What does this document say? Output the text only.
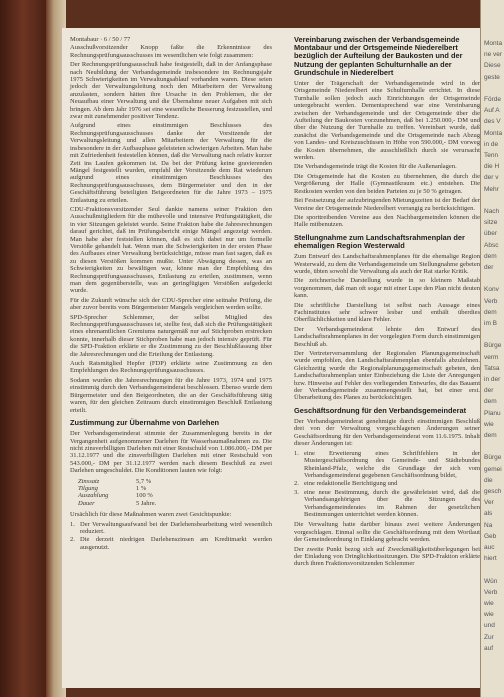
Montabaur · 6 / 50 / 77

Ausschußvorsitzender Knopp faßte die Erkenntnisse des Rechnungsprüfungsausschusses im wesentlichen wie folgt zusammen:

Der Rechnungsprüfungsausschuß habe festgestellt, daß in der Anfangsphase nach Neubildung der Verbandsgemeinde insbesondere im Rechnungsjahr 1975 Schwierigkeiten im Verwaltungsablauf vorhanden waren. Diese seien jedoch der Verwaltungsleitung noch den Mitarbeitern der Verwaltung anzulasten, sondern hätten ihre Ursache in den Problemen, die der Neuaufbau einer Verwaltung und die Übernahme neuer Aufgaben mit sich bringen. Ab dem Jahr 1976 sei eine wesentliche Besserung festzustellen, und zwar mit zunehmender positiver Tendenz.

Aufgrund eines einstimmigen Beschlusses des Rechnungsprüfungsausschusses danke der Vorsitzende der Verwaltungsleitung und allen Mitarbeitern der Verwaltung für die insbesondere in der Aufbauphase geleisteten schwierigen Arbeiten. Man habe mit Zufriedenheit festestellen können, daß die Verwaltung nach relativ kurzer Zeit ins Laufen gekommen ist. Da bei der Prüfung keine gravierenden Mängel festgestellt wurden, empfahl der Vorsitzende dem Rat wiederum aufgrund eines einstimmigen Beschlusses des Rechnungsprüfungsausschusses, dem Bürgermeister und den in der Geschäftsführung beteiligten Beigeordneten für die Jahre 1973 – 1975 Entlastung zu erteilen.

CDU-Fraktionsvorsitzender Seul dankte namens seiner Fraktion den Ausschußmitgliedern für die mühevolle und intensive Prüfungstätigkeit, die in vier Sitzungen geleistet wurde. Seine Fraktion habe die Jahresrechnungen darauf gerichtet, daß im Prüfungsbericht einige Mängel angezeigt werden. Man habe aber feststellen können, daß es sich dabei nur um formelle Verstöße gehandelt hat. Wenn man die Schwierigkeiten in der ersten Phase des Aufbaues einer Verwaltung berücksichtige, müsse man fast sagen, daß es zu diesen Verstößen kommen mußte. Unter Abwägung dessen, was an Schwierigkeiten zu bewältigen war, könne man der Empfehlung des Rechnungsprüfungsausschusses, Entlastung zu erteilen, zustimmen, wenn man dem gegenüberstelle, was an geringfügigen Verstößen aufgedeckt wurde.

Für die Zukunft wünsche sich der CDU-Sprecher eine seitnahe Prüfung, die aber zuvor bereits vom Bürgermeister Mangels vergleichen werden sollte.

SPD-Sprecher Schlemmer, der selbst Mitglied des Rechnungsprüfungsausschusses ist, stellte fest, daß sich die Prüfungstätigkeit eines ehrenamtlichen Gremiums naturgemäß nur auf Stichproben erstrecken konnte, innerhalb dieser Stichproben habe man jedoch intensiv geprüft. Für die SPD-Fraktion erklärte er die Zustimmung zu der Beschlußfassung über die Jahresrechnungen und die Erteilung der Entlastung.

Auch Ratsmitglied Hepfer (FDP) erklärte seine Zustimmung zu den Empfehlungen des Rechnungsprüfungsausschusses.

Sodann wurden die Jahresrechnungen für die Jahre 1973, 1974 und 1975 einstimmig durch den Verbandsgemeinderat beschlossen. Ebenso wurde dem Bürgermeister und den Beigeordneten, die an der Geschäftsführung tätig waren, für den gleichen Zeitraum durch einstimmigen Beschluß Entlastung erteilt.

Zustimmung zur Übernahme von Darlehen

Der Verbandsgemeinderat stimmte der Zusammenlegung bereits in der Vergangenheit aufgenommener Darlehen für Wasserbaumaßnahmen zu. Die nicht zinsverbilligten Darlehen mit einer Restschuld von 1.086.000,- DM per 31.12.1977 und die zinsverbilligten Darlehen mit einer Restschuld von 543.000,- DM per 31.12.1977 werden nach diesem Beschluß zu zwei Darlehen umgeschuldet. Die Konditionen lauten wie folgt:

Zinssatz	5,7 %
Tilgung	1 %
Auszahlung	100 %
Dauer	5 Jahre.

Ursächlich für diese Maßnahmen waren zwei Gesichtspunkte:

1. Der Verwaltungsaufwand bei der Darlehensbearbeitung wird wesentlich reduziert.
2. Die derzeit niedrigen Darlehenszinsen am Kreditmarkt werden ausgenutzt.
Vereinbarung zwischen der Verbandsgemeinde Montabaur und der Ortsgemeinde Niederelbert bezüglich der Aufteilung der Baukosten und der Nutzung der geplanten Schulturnhalle an der Grundschule in Niederelbert

Unter der Trägerschaft der Verbandsgemeinde wird in der Ortsgemeinde Niederelbert eine Schulturnhalle errichtet. In diese Turnhalle sollen jedoch auch Einrichtungen der Ortsgemeinde untergebracht werden. Dementsprechend war eine Vereinbarung zwischen der Verbandsgemeinde und der Ortsgemeinde über die Aufteilung der Baukosten vorzunehmen, daß bei 1.250.000,- DM und über die Nutzung der Turnhalle zu treffen. Vereinbart wurde, daß zunächst die Verbandsgemeinde und die Ortsgemeinde nach Abzug von Landes- und Kreiszuschüssen in Höhe von 590.000,- DM vorweg die Kosten übernehmen, die ausschließlich durch sie verursacht werden.

Die Verbandsgemeinde trägt die Kosten für die Außenanlagen.

Die Ortsgemeinde hat die Kosten zu übernehmen, die durch die Vergrößerung der Halle (Gymnastikraum etc.) entstehen. Die Restkosten werden von den beiden Parteien zu je 50 % getragen.

Bei Festsetzung der aufzubringenden Mietungszeiten ist der Bedarf der Vereine der Ortsgemeinde Niederelbert vorrangig zu berücksichtigen.

Die sporttreibenden Vereine aus den Nachbargemeinden können die Halle mitbenutzen.

Stellungnahme zum Landschaftsrahmenplan der ehemaligen Region Westerwald

Zum Entwurf des Landschaftsrahmenplanes für die ehemalige Region Westerwald, zu dem die Verbandsgemeinde um Stellungnahme gebeten wurde, übten sowohl die Verwaltung als auch der Rat starke Kritik.

Die zeichnerische Darstellung wurde in so kleinem Maßstab vorgenommen, daß man oft sogar mit einer Lupe den Plan nicht deuten kann.

Die schriftliche Darstellung ist selbst nach Aussage eines Fachinstitutes sehr schwer lesbar und enthält überdies Oberflächlichkeiten und klare Fehler.

Der Verbandsgemeinderat lehnte den Entwurf des Landschaftsrahmenplanes in der vorgelegten Form durch einstimmigen Beschluß ab.

Der Vertreterversammlung der Regionalen Planungsgemeinschaft wurde empfohlen, den Landschaftsrahmenplan ebenfalls abzulehnen. Gleichzeitig wurde die Regionalplanungsgemeinschaft gebeten, den Landschaftsrahmenplan unter Einbeziehung die Liste der Anregungen bzw. Hinweise auf Fehler des vorliegenden Entwurfes, die das Bauamt der Verbandsgemeinde zusammengestellt hat, bei einer erst. Überarbeitung des Planes zu berücksichtigen.

Geschäftsordnung für den Verbandsgemeinderat

Der Verbandsgemeinderat genehmigte durch einstimmigen Beschluß drei von der Verwaltung vorgeschlagenen Änderungen seiner Geschäftsordnung für den Verbandsgemeinderat vom 11.6.1975. Inhalt dieser Änderungen ist:

1. eine Erweiterung eines Schriftfehlers in der Mustergeschäftsordnung des Gemeinde- und Städtebundes Rheinland-Pfalz, welche die Grundlage der sich vom Verbandsgemeinderat gegebenen Geschäftsordnung bildet,
2. eine redaktionelle Berichtigung und
3. eine neue Bestimmung, durch die gewährleistet wird, daß die Verbandsangehörigen über die Sitzungen des Verbandsgemeinderates im Rahmen der gesetzlichen Bestimmungen unterrichtet werden können.

Die Verwaltung hatte darüber hinaus zwei weitere Änderungen vorgeschlagen. Einmal sollte die Geschäftsordnung mit dem Wortlaut der Gemeindeordnung in Einklang gebracht werden.

Der zweite Punkt bezog sich auf Zweckmäßigkeitsüberlegungen bei der Einladung von Dringlichkeitssitzungen. Die SPD-Fraktion erklärte durch ihren Fraktionsvorsitzenden Schlemmer

Monta
ne ver
Diese
geste
Förde
Auf A
des V
Monta
in de
Tenn
die H
der v
Mehr
Nach
sitze
über
Absc
dem
der
Konv
Verb
dem
im B
Bürge
verm
Tatsa
in der
der
dem
Planu
wie
dem
Bürge
gemei
die
gesch
Ver
als
Na
Geb
auc
hiert
Wün
Verb
wie
wie
und
Zur
auf
